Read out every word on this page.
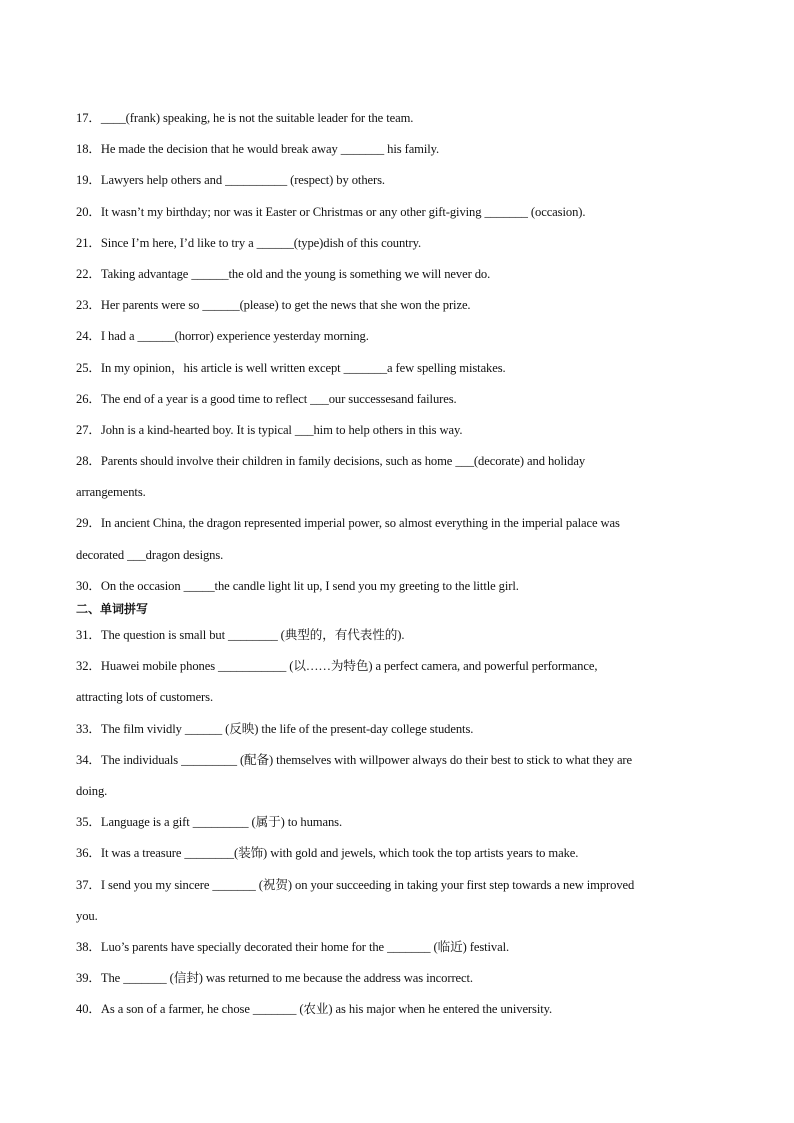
17．____(frank) speaking, he is not the suitable leader for the team.
18．He made the decision that he would break away _______ his family.
19．Lawyers help others and __________ (respect) by others.
20．It wasn’t my birthday; nor was it Easter or Christmas or any other gift-giving _______ (occasion).
21．Since I’m here, I’d like to try a ______(type)dish of this country.
22．Taking advantage ______the old and the young is something we will never do.
23．Her parents were so ______(please) to get the news that she won the prize.
24．I had a ______(horror) experience yesterday morning.
25．In my opinion，his article is well written except _______a few spelling mistakes.
26．The end of a year is a good time to reflect ___our successesand failures.
27．John is a kind-hearted boy. It is typical ___him to help others in this way.
28．Parents should involve their children in family decisions, such as home ___(decorate) and holiday
arrangements.
29．In ancient China, the dragon represented imperial power, so almost everything in the imperial palace was
decorated ___dragon designs.
30．On the occasion _____the candle light lit up, I send you my greeting to the little girl.
二、单词拼写
31．The question is small but ________ (典型的，有代表性的).
32．Huawei mobile phones ___________ (以……为特色) a perfect camera, and powerful performance,
attracting lots of customers.
33．The film vividly ______ (反映) the life of the present-day college students.
34．The individuals _________ (配备) themselves with willpower always do their best to stick to what they are
doing.
35．Language is a gift _________ (属于) to humans.
36．It was a treasure ________(装饰) with gold and jewels, which took the top artists years to make.
37．I send you my sincere _______ (祝贺) on your succeeding in taking your first step towards a new improved
you.
38．Luo’s parents have specially decorated their home for the _______ (临近) festival.
39．The _______ (信封) was returned to me because the address was incorrect.
40．As a son of a farmer, he chose _______ (农业) as his major when he entered the university.
